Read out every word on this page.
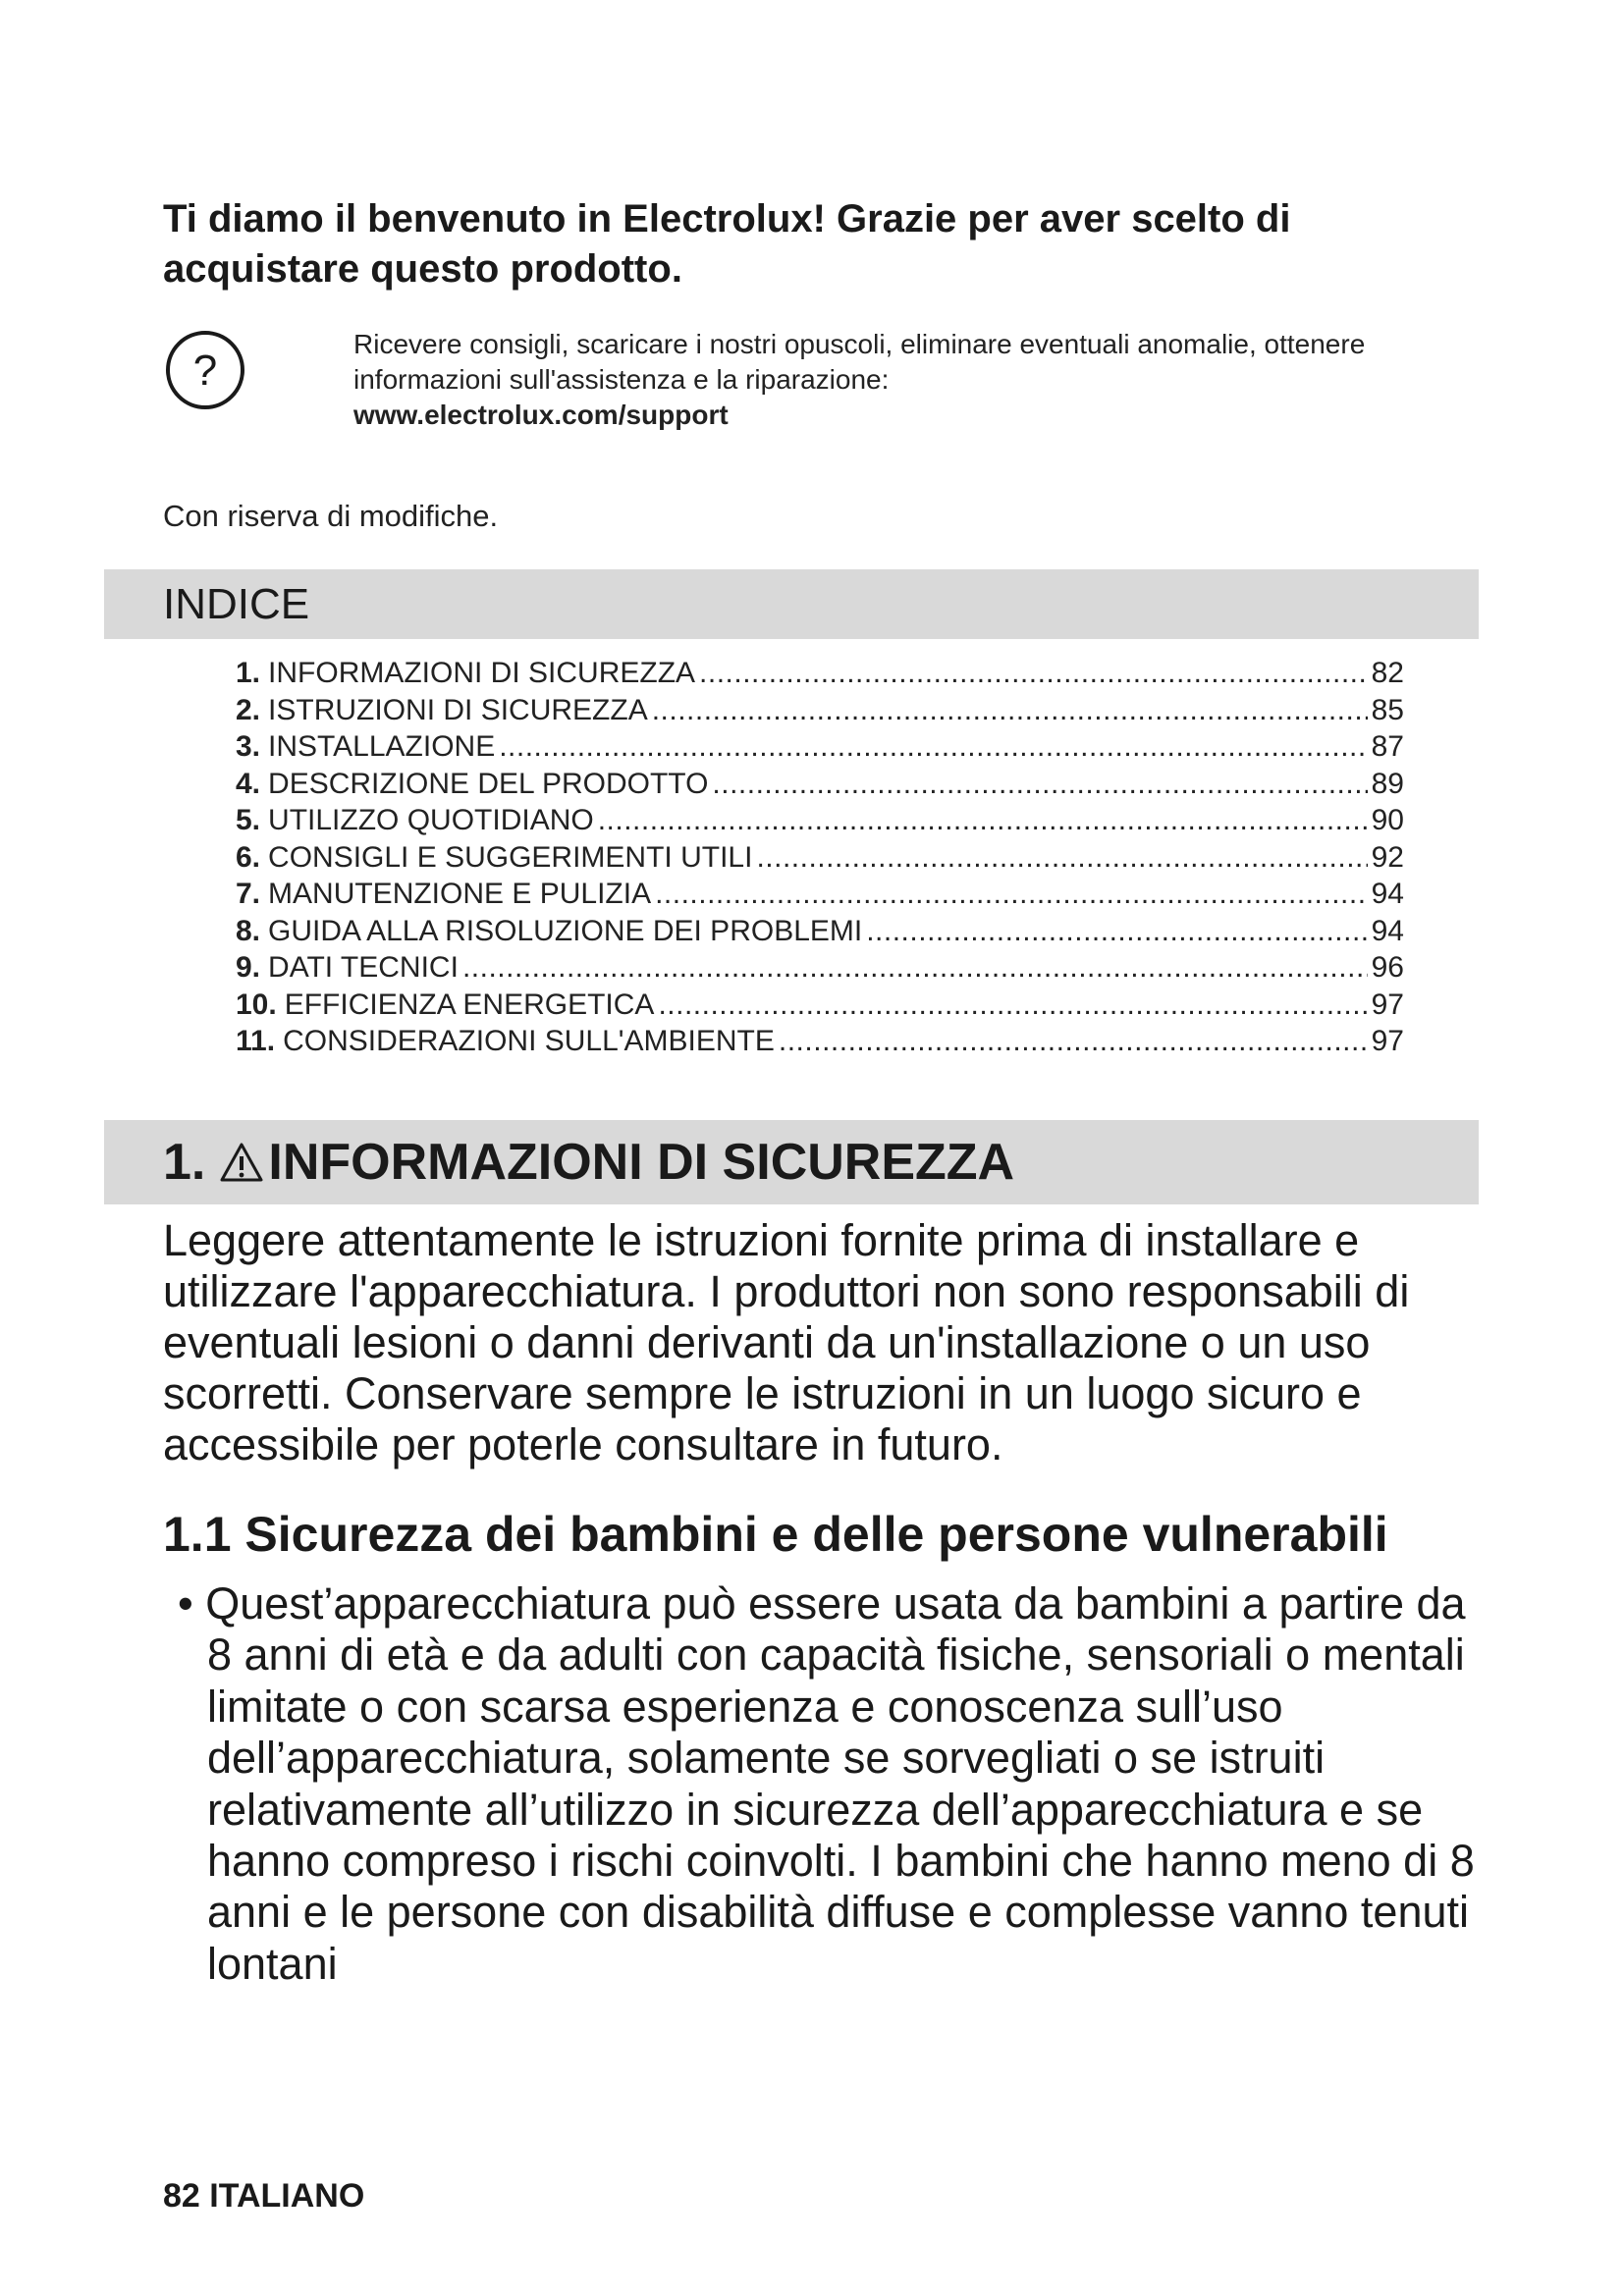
Ti diamo il benvenuto in Electrolux! Grazie per aver scelto di acquistare questo prodotto.
?
Ricevere consigli, scaricare i nostri opuscoli, eliminare eventuali anomalie, ottenere informazioni sull'assistenza e la riparazione:
www.electrolux.com/support
Con riserva di modifiche.
INDICE
1. INFORMAZIONI DI SICUREZZA .....	82
2. ISTRUZIONI DI SICUREZZA .....	85
3. INSTALLAZIONE .....	87
4. DESCRIZIONE DEL PRODOTTO .....	89
5. UTILIZZO QUOTIDIANO .....	90
6. CONSIGLI E SUGGERIMENTI UTILI .....	92
7. MANUTENZIONE E PULIZIA .....	94
8. GUIDA ALLA RISOLUZIONE DEI PROBLEMI .....	94
9. DATI TECNICI .....	96
10. EFFICIENZA ENERGETICA .....	97
11. CONSIDERAZIONI SULL'AMBIENTE .....	97
1. INFORMAZIONI DI SICUREZZA
Leggere attentamente le istruzioni fornite prima di installare e utilizzare l'apparecchiatura. I produttori non sono responsabili di eventuali lesioni o danni derivanti da un'installazione o un uso scorretti. Conservare sempre le istruzioni in un luogo sicuro e accessibile per poterle consultare in futuro.
1.1 Sicurezza dei bambini e delle persone vulnerabili
• Quest’apparecchiatura può essere usata da bambini a partire da 8 anni di età e da adulti con capacità fisiche, sensoriali o mentali limitate o con scarsa esperienza e conoscenza sull’uso dell’apparecchiatura, solamente se sorvegliati o se istruiti relativamente all’utilizzo in sicurezza dell’apparecchiatura e se hanno compreso i rischi coinvolti. I bambini che hanno meno di 8 anni e le persone con disabilità diffuse e complesse vanno tenuti lontani
82 ITALIANO
